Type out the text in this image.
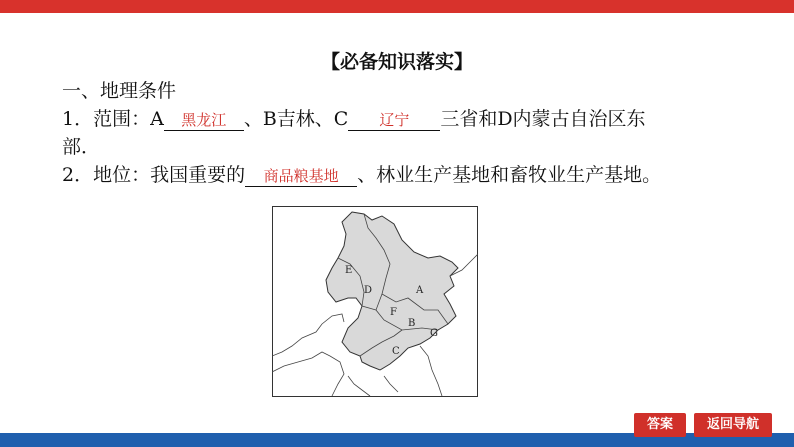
【必备知识落实】
一、地理条件
1．范围：A 黑龙江 、B吉林、C 辽宁 三省和D内蒙古自治区东
部．
2．地位：我国重要的 商品粮基地 、林业生产基地和畜牧业生产基地。
E
D	A
F
B
G
C
答案	返回导航
